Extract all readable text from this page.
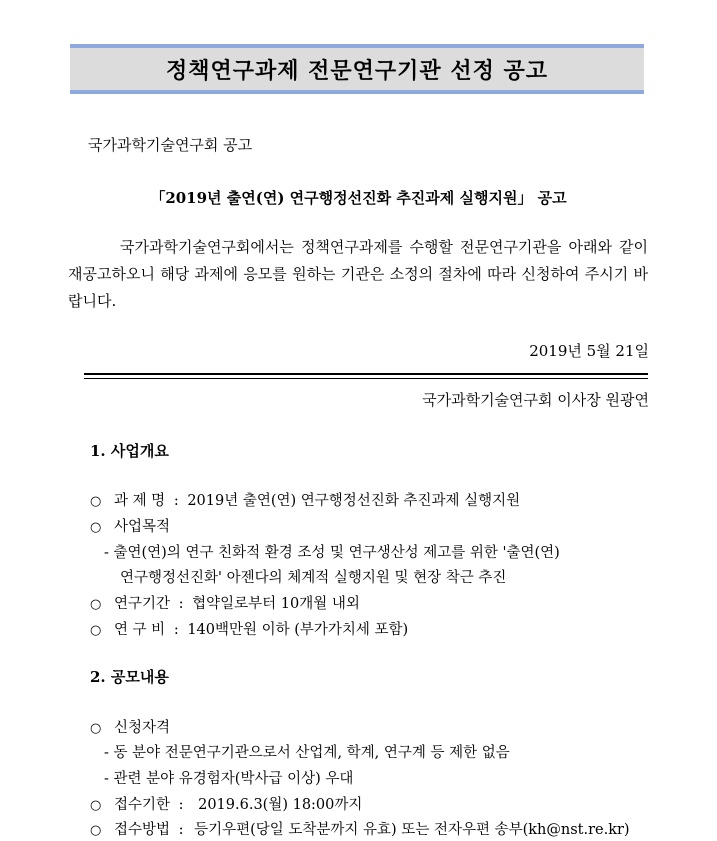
정책연구과제 전문연구기관 선정 공고
국가과학기술연구회 공고
「2019년 출연(연) 연구행정선진화 추진과제 실행지원」 공고
국가과학기술연구회에서는 정책연구과제를 수행할 전문연구기관을 아래와 같이 재공고하오니 해당 과제에 응모를 원하는 기관은 소정의 절차에 따라 신청하여 주시기 바랍니다.
2019년 5월 21일
국가과학기술연구회 이사장 원광연
1. 사업개요
○ 과 제 명 : 2019년 출연(연) 연구행정선진화 추진과제 실행지원
○ 사업목적
- 출연(연)의 연구 친화적 환경 조성 및 연구생산성 제고를 위한 '출연(연)
연구행정선진화' 아젠다의 체계적 실행지원 및 현장 착근 추진
○ 연구기간 : 협약일로부터 10개월 내외
○ 연 구 비 : 140백만원 이하 (부가가치세 포함)
2. 공모내용
○ 신청자격
- 동 분야 전문연구기관으로서 산업계, 학계, 연구계 등 제한 없음
- 관련 분야 유경험자(박사급 이상) 우대
○ 접수기한 : 2019.6.3(월) 18:00까지
○ 접수방법 : 등기우편(당일 도착분까지 유효) 또는 전자우편 송부(kh@nst.re.kr)
